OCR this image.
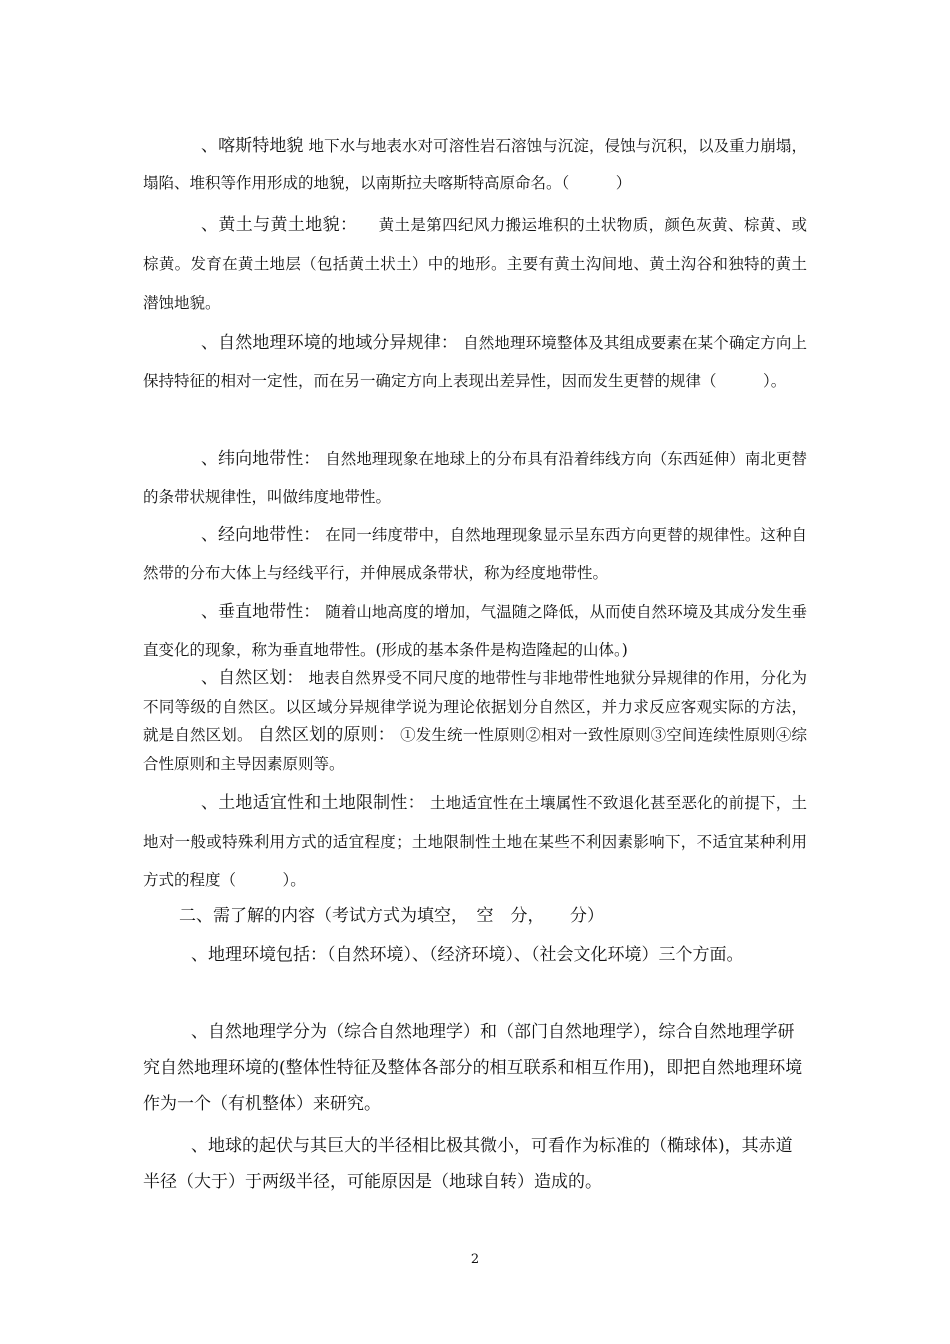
、喀斯特地貌 地下水与地表水对可溶性岩石溶蚀与沉淀，侵蚀与沉积，以及重力崩塌，塌陷、堆积等作用形成的地貌，以南斯拉夫喀斯特高原命名。（　　　）

、黄土与黄土地貌： 　黄土是第四纪风力搬运堆积的土状物质，颜色灰黄、棕黄、或棕黄。发育在黄土地层（包括黄土状土）中的地形。主要有黄土沟间地、黄土沟谷和独特的黄土潜蚀地貌。

、自然地理环境的地域分异规律： 自然地理环境整体及其组成要素在某个确定方向上保持特征的相对一定性，而在另一确定方向上表现出差异性，因而发生更替的规律（　　　）。

、纬向地带性： 自然地理现象在地球上的分布具有沿着纬线方向（东西延伸）南北更替的条带状规律性，叫做纬度地带性。

、经向地带性： 在同一纬度带中，自然地理现象显示呈东西方向更替的规律性。这种自然带的分布大体上与经线平行，并伸展成条带状，称为经度地带性。

、垂直地带性： 随着山地高度的增加，气温随之降低，从而使自然环境及其成分发生垂直变化的现象，称为垂直地带性。(形成的基本条件是构造隆起的山体。)

、自然区划： 地表自然界受不同尺度的地带性与非地带性地狱分异规律的作用，分化为不同等级的自然区。以区域分异规律学说为理论依据划分自然区，并力求反应客观实际的方法，就是自然区划。 自然区划的原则： ①发生统一性原则②相对一致性原则③空间连续性原则④综合性原则和主导因素原则等。

、土地适宜性和土地限制性： 土地适宜性在土壤属性不致退化甚至恶化的前提下，土地对一般或特殊利用方式的适宜程度；土地限制性土地在某些不利因素影响下，不适宜某种利用方式的程度（　　　）。

二、需了解的内容（考试方式为填空，　空　分，　　分）

、地理环境包括：（自然环境）、（经济环境）、（社会文化环境）三个方面。

、自然地理学分为（综合自然地理学）和（部门自然地理学），综合自然地理学研究自然地理环境的(整体性特征及整体各部分的相互联系和相互作用)，即把自然地理环境作为一个（有机整体）来研究。

、地球的起伏与其巨大的半径相比极其微小，可看作为标准的（椭球体)，其赤道半径（大于）于两级半径，可能原因是（地球自转）造成的。

2
